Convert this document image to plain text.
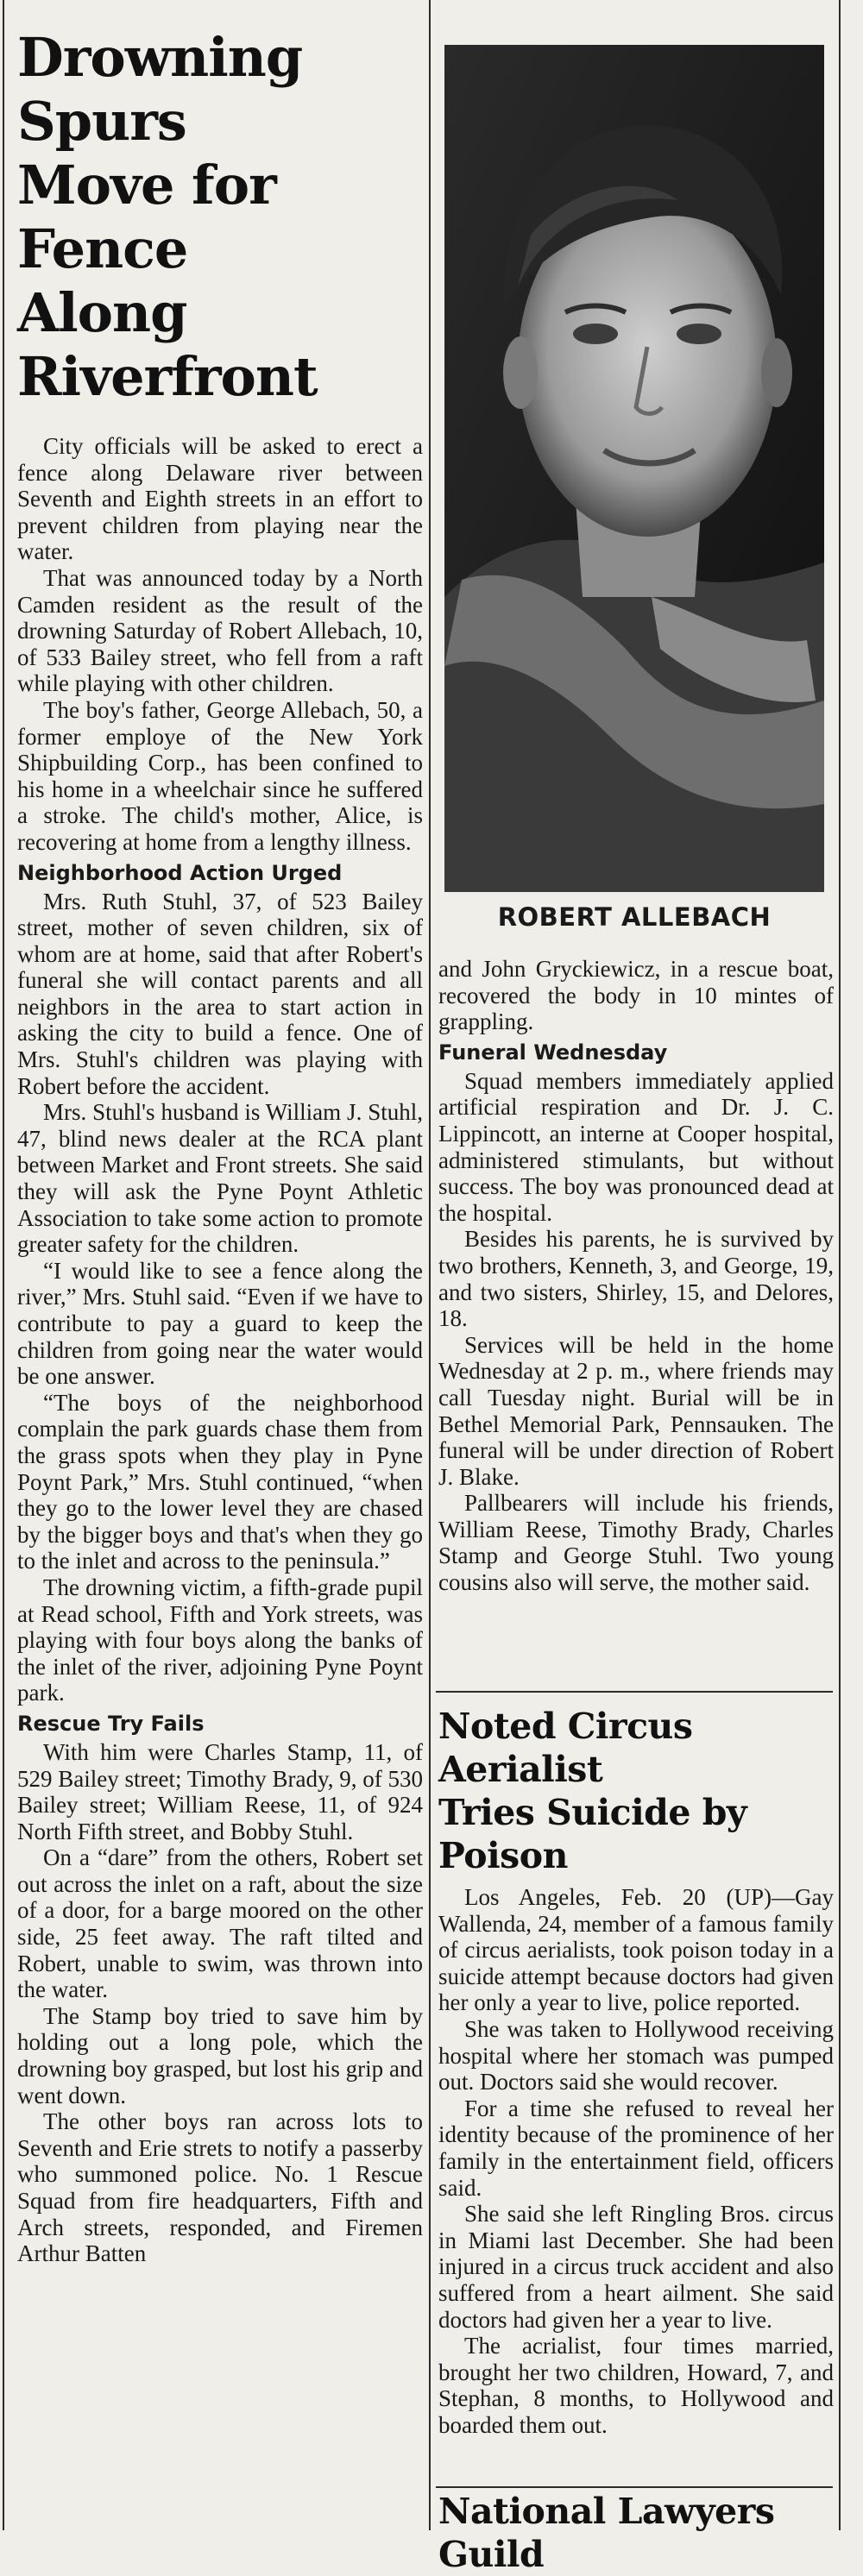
Drowning Spurs
Move for Fence
Along Riverfront

City officials will be asked to erect a fence along Delaware river between Seventh and Eighth streets in an effort to prevent children from playing near the water.

That was announced today by a North Camden resident as the result of the drowning Saturday of Robert Allebach, 10, of 533 Bailey street, who fell from a raft while playing with other children.

The boy's father, George Allebach, 50, a former employe of the New York Shipbuilding Corp., has been confined to his home in a wheelchair since he suffered a stroke. The child's mother, Alice, is recovering at home from a lengthy illness.

Neighborhood Action Urged

Mrs. Ruth Stuhl, 37, of 523 Bailey street, mother of seven children, six of whom are at home, said that after Robert's funeral she will contact parents and all neighbors in the area to start action in asking the city to build a fence. One of Mrs. Stuhl's children was playing with Robert before the accident.

Mrs. Stuhl's husband is William J. Stuhl, 47, blind news dealer at the RCA plant between Market and Front streets. She said they will ask the Pyne Poynt Athletic Association to take some action to promote greater safety for the children.

“I would like to see a fence along the river,” Mrs. Stuhl said. “Even if we have to contribute to pay a guard to keep the children from going near the water would be one answer.

“The boys of the neighborhood complain the park guards chase them from the grass spots when they play in Pyne Poynt Park,” Mrs. Stuhl continued, “when they go to the lower level they are chased by the bigger boys and that's when they go to the inlet and across to the peninsula.”

The drowning victim, a fifth-grade pupil at Read school, Fifth and York streets, was playing with four boys along the banks of the inlet of the river, adjoining Pyne Poynt park.

Rescue Try Fails

With him were Charles Stamp, 11, of 529 Bailey street; Timothy Brady, 9, of 530 Bailey street; William Reese, 11, of 924 North Fifth street, and Bobby Stuhl.

On a “dare” from the others, Robert set out across the inlet on a raft, about the size of a door, for a barge moored on the other side, 25 feet away. The raft tilted and Robert, unable to swim, was thrown into the water.

The Stamp boy tried to save him by holding out a long pole, which the drowning boy grasped, but lost his grip and went down.

The other boys ran across lots to Seventh and Erie strets to notify a passerby who summoned police. No. 1 Rescue Squad from fire headquarters, Fifth and Arch streets, responded, and Firemen Arthur Batten

ROBERT ALLEBACH

and John Gryckiewicz, in a rescue boat, recovered the body in 10 mintes of grappling.

Funeral Wednesday

Squad members immediately applied artificial respiration and Dr. J. C. Lippincott, an interne at Cooper hospital, administered stimulants, but without success. The boy was pronounced dead at the hospital.

Besides his parents, he is survived by two brothers, Kenneth, 3, and George, 19, and two sisters, Shirley, 15, and Delores, 18.

Services will be held in the home Wednesday at 2 p. m., where friends may call Tuesday night. Burial will be in Bethel Memorial Park, Pennsauken. The funeral will be under direction of Robert J. Blake.

Pallbearers will include his friends, William Reese, Timothy Brady, Charles Stamp and George Stuhl. Two young cousins also will serve, the mother said.

Noted Circus Aerialist
Tries Suicide by Poison

Los Angeles, Feb. 20 (UP)—Gay Wallenda, 24, member of a famous family of circus aerialists, took poison today in a suicide attempt because doctors had given her only a year to live, police reported.

She was taken to Hollywood receiving hospital where her stomach was pumped out. Doctors said she would recover.

For a time she refused to reveal her identity because of the prominence of her family in the entertainment field, officers said.

She said she left Ringling Bros. circus in Miami last December. She had been injured in a circus truck accident and also suffered from a heart ailment. She said doctors had given her a year to live.

The acrialist, four times married, brought her two children, Howard, 7, and Stephan, 8 months, to Hollywood and boarded them out.

National Lawyers Guild
